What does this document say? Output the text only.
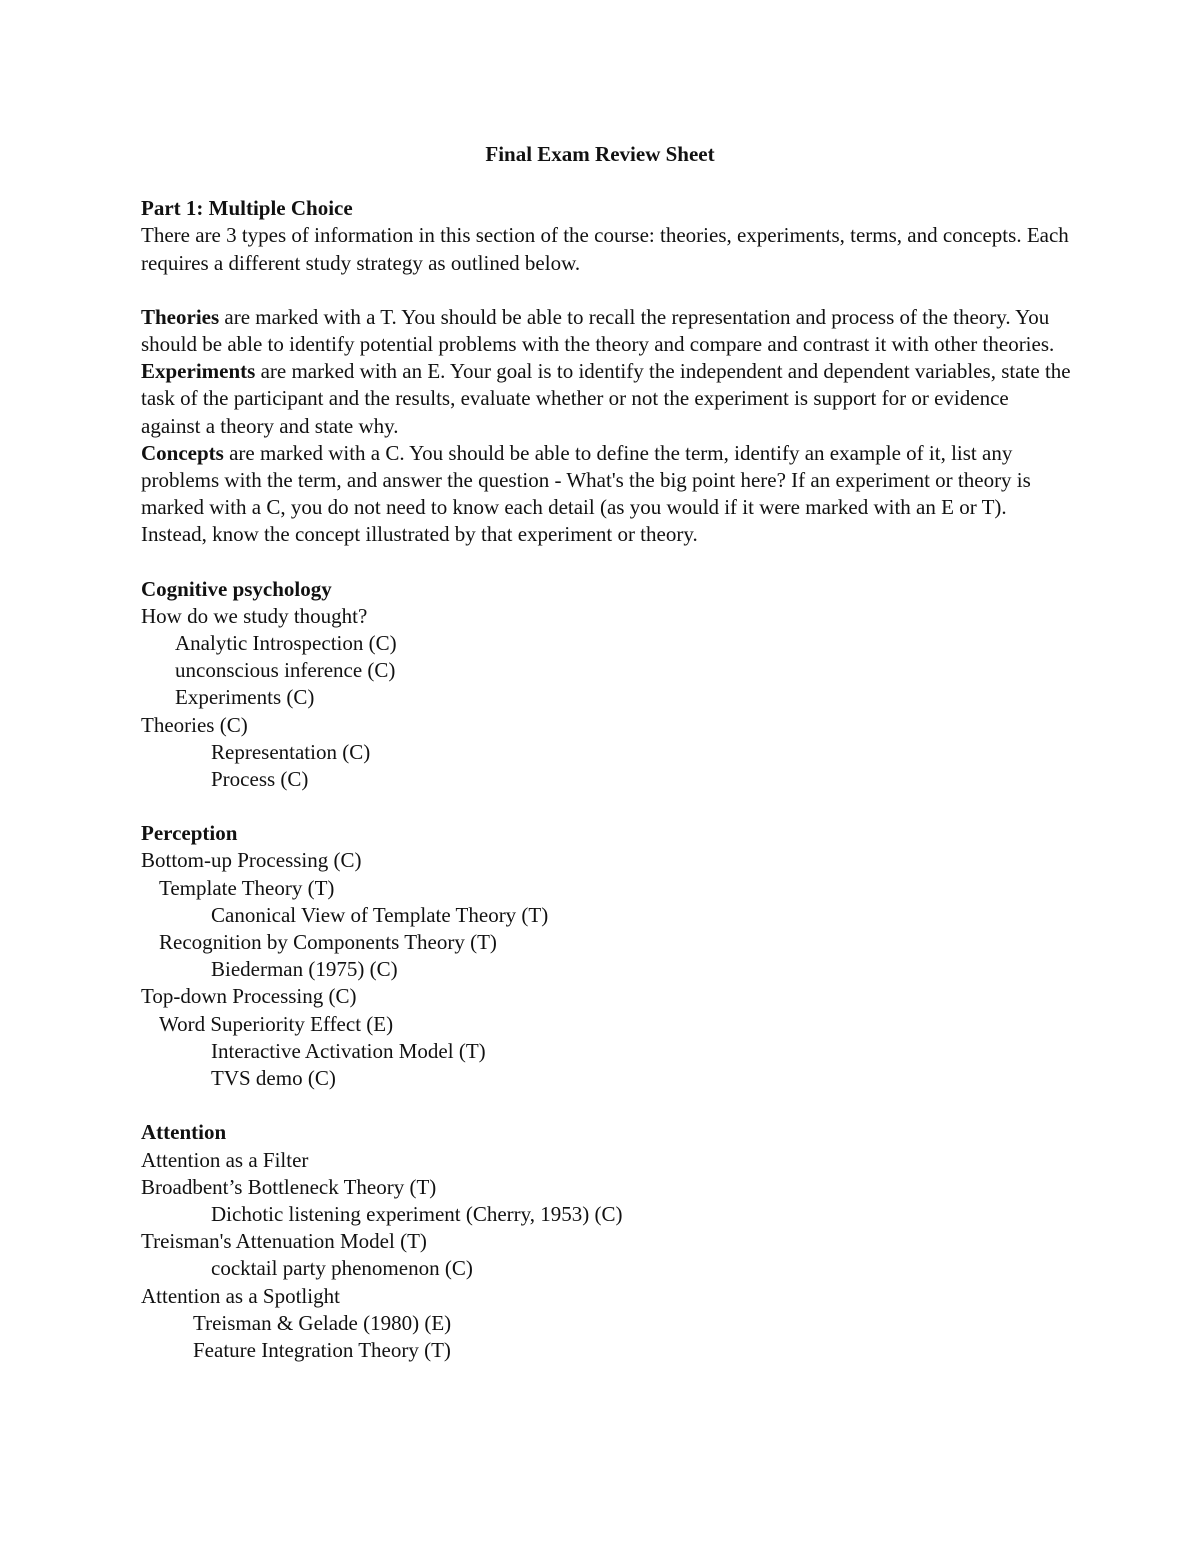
Final Exam Review Sheet
Part 1: Multiple Choice

There are 3 types of information in this section of the course: theories, experiments, terms, and concepts. Each requires a different study strategy as outlined below.

Theories are marked with a T. You should be able to recall the representation and process of the theory. You should be able to identify potential problems with the theory and compare and contrast it with other theories.

Experiments are marked with an E. Your goal is to identify the independent and dependent variables, state the task of the participant and the results, evaluate whether or not the experiment is support for or evidence against a theory and state why.

Concepts are marked with a C. You should be able to define the term, identify an example of it, list any problems with the term, and answer the question - What's the big point here? If an experiment or theory is marked with a C, you do not need to know each detail (as you would if it were marked with an E or T). Instead, know the concept illustrated by that experiment or theory.

Cognitive psychology
How do we study thought?
Analytic Introspection (C)
unconscious inference (C)
Experiments (C)
Theories (C)
Representation (C)
Process (C)
Perception
Bottom-up Processing (C)
Template Theory (T)
Canonical View of Template Theory (T)
Recognition by Components Theory (T)
Biederman (1975) (C)
Top-down Processing (C)
Word Superiority Effect (E)
Interactive Activation Model (T)
TVS demo (C)
Attention
Attention as a Filter
Broadbent’s Bottleneck Theory (T)
Dichotic listening experiment (Cherry, 1953) (C)
Treisman's Attenuation Model (T)
cocktail party phenomenon (C)
Attention as a Spotlight
Treisman & Gelade (1980) (E)
Feature Integration Theory (T)
